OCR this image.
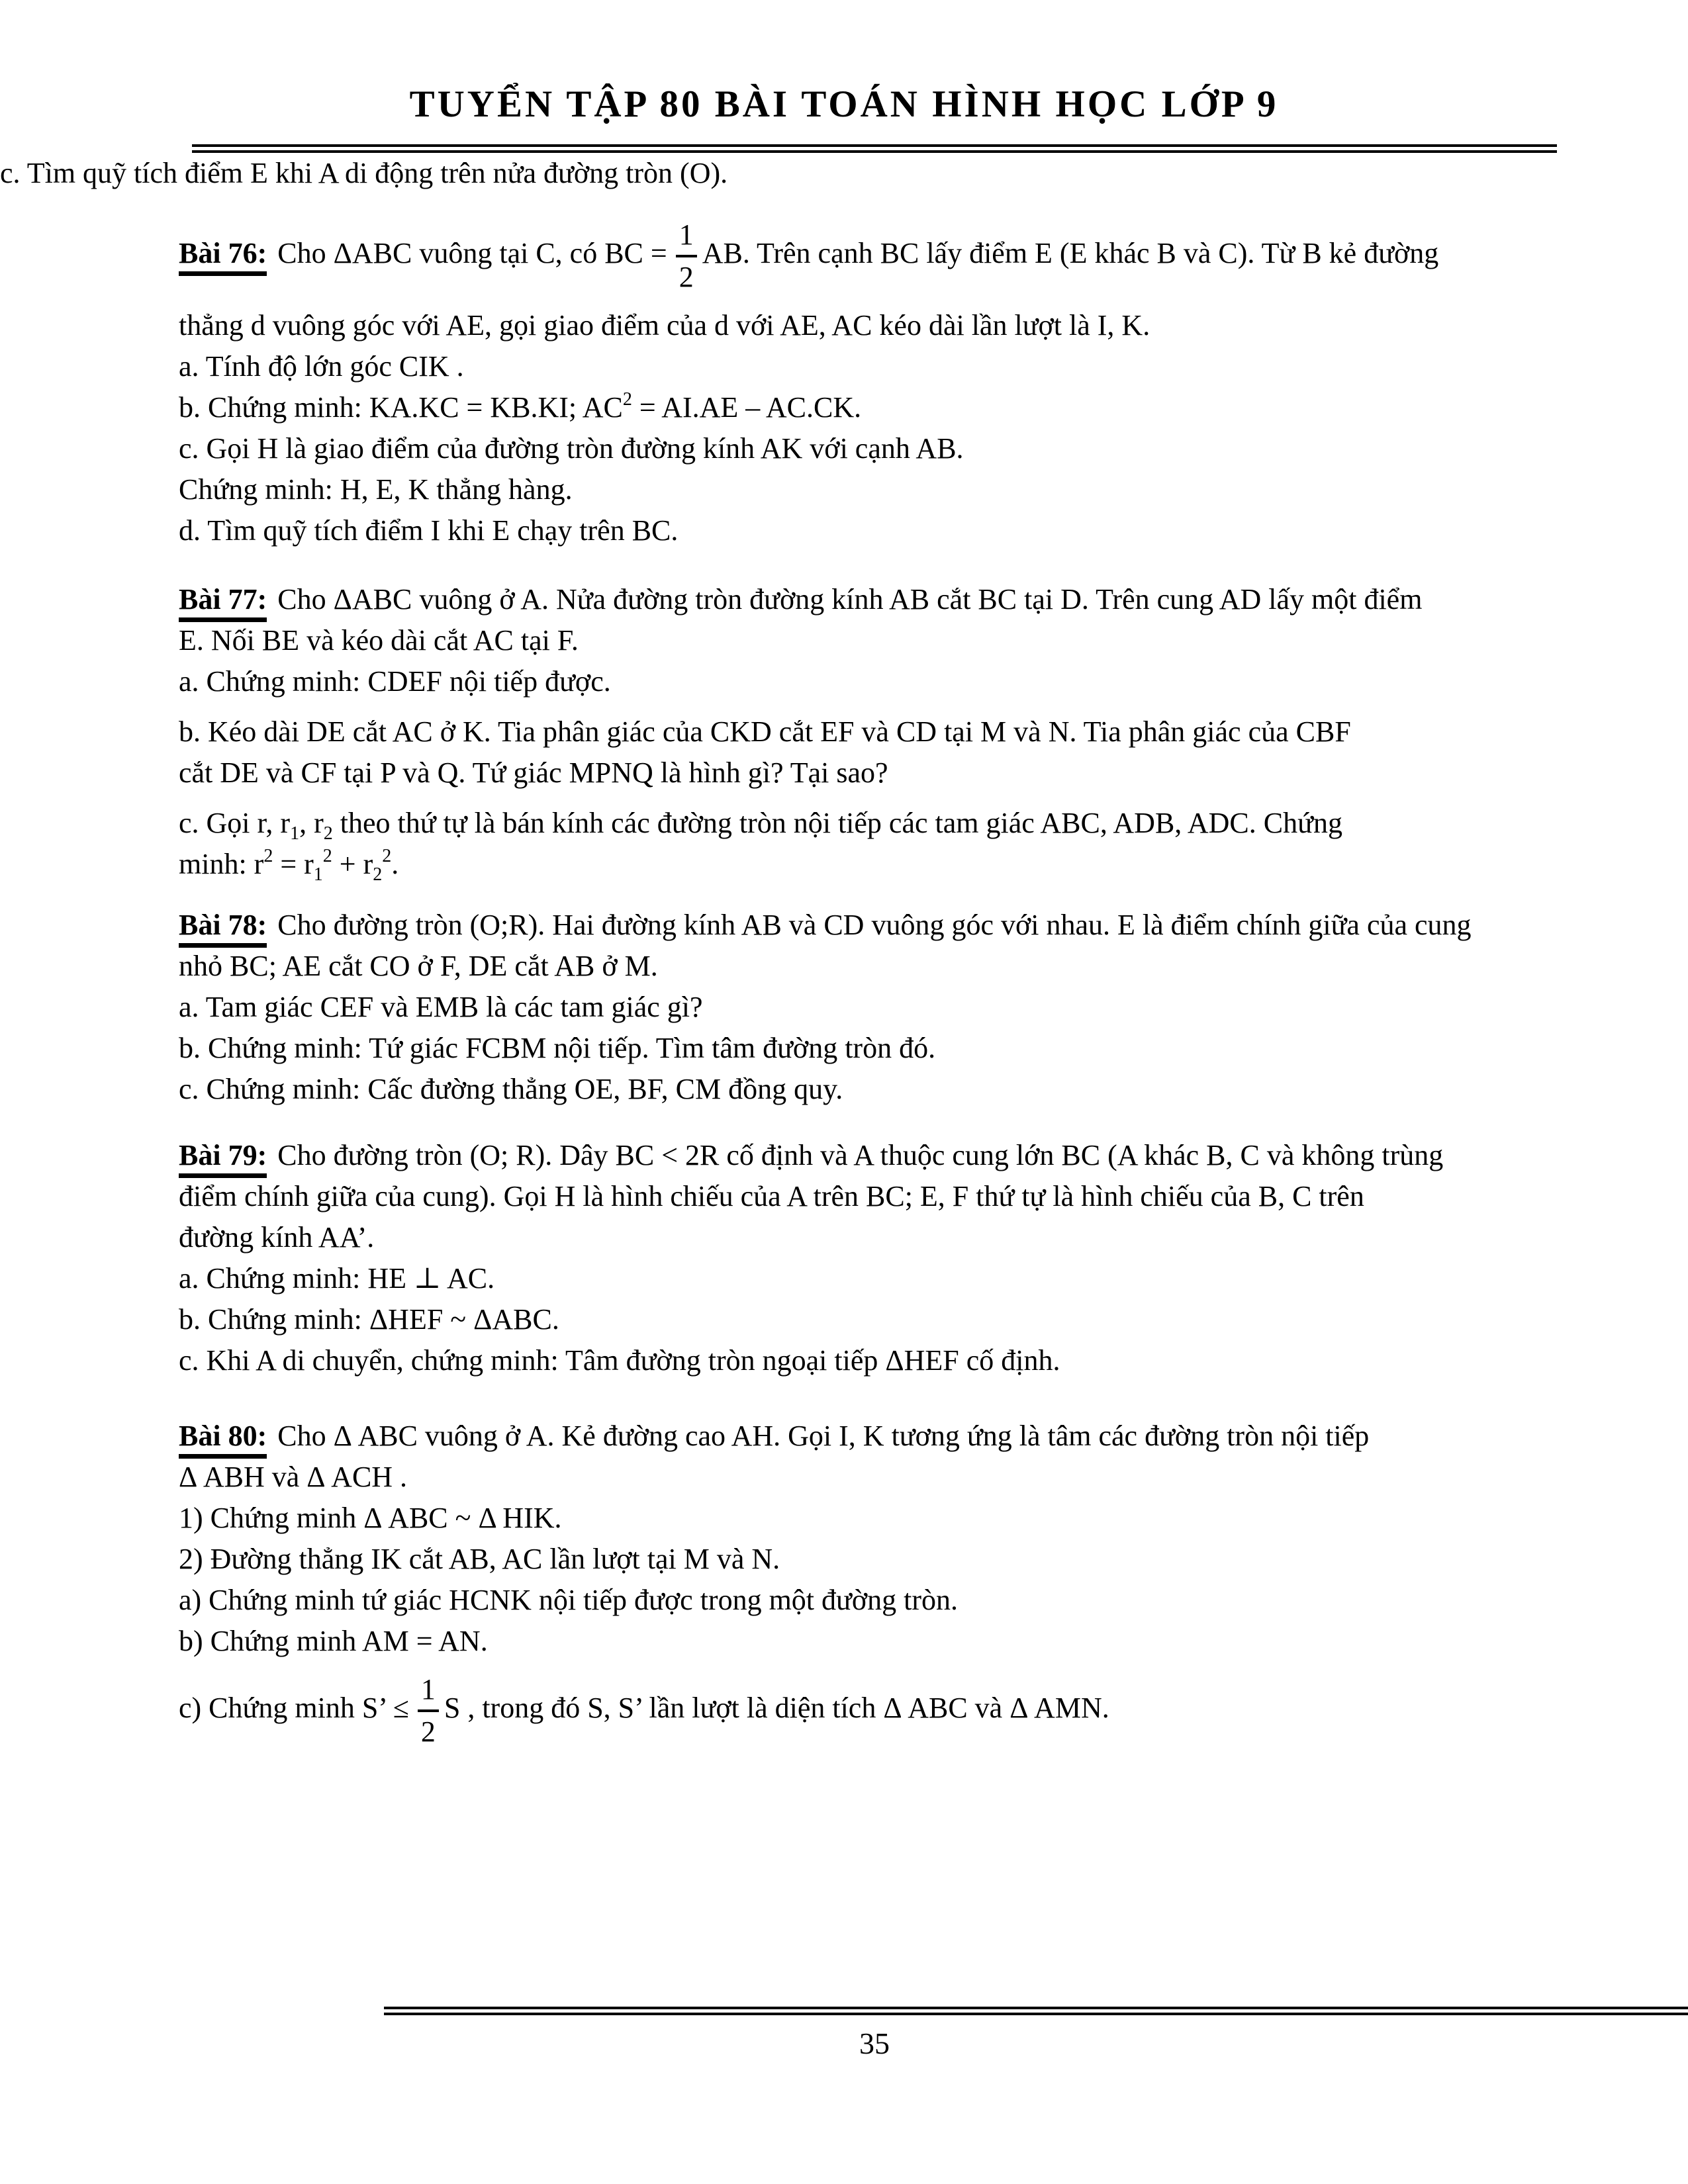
TUYỂN TẬP 80 BÀI TOÁN HÌNH HỌC LỚP 9

c. Tìm quỹ tích điểm E khi A di động trên nửa đường tròn (O).

Bài 76: Cho ΔABC vuông tại C, có BC = $\frac{1}{2}$ AB. Trên cạnh BC lấy điểm E (E khác B và C). Từ B kẻ đường

thẳng d vuông góc với AE, gọi giao điểm của d với AE, AC kéo dài lần lượt là I, K.

a. Tính độ lớn góc CIK .

b. Chứng minh: KA.KC = KB.KI; $AC^2 = AI.AE - AC.CK$.

c. Gọi H là giao điểm của đường tròn đường kính AK với cạnh AB.

Chứng minh: H, E, K thẳng hàng.

d. Tìm quỹ tích điểm I khi E chạy trên BC.

Bài 77: Cho ΔABC vuông ở A. Nửa đường tròn đường kính AB cắt BC tại D. Trên cung AD lấy một điểm

E. Nối BE và kéo dài cắt AC tại F.

a. Chứng minh: CDEF nội tiếp được.

b. Kéo dài DE cắt AC ở K. Tia phân giác của CKD cắt EF và CD tại M và N. Tia phân giác của CBF

cắt DE và CF tại P và Q. Tứ giác MPNQ là hình gì? Tại sao?

c. Gọi r, $r_1$, $r_2$ theo thứ tự là bán kính các đường tròn nội tiếp các tam giác ABC, ADB, ADC. Chứng

minh: $r^2 = r_1^2 + r_2^2$.

Bài 78: Cho đường tròn (O;R). Hai đường kính AB và CD vuông góc với nhau. E là điểm chính giữa của cung

nhỏ BC; AE cắt CO ở F, DE cắt AB ở M.

a. Tam giác CEF và EMB là các tam giác gì?

b. Chứng minh: Tứ giác FCBM nội tiếp. Tìm tâm đường tròn đó.

c. Chứng minh: Cấc đường thẳng OE, BF, CM đồng quy.

Bài 79: Cho đường tròn (O; R). Dây BC < 2R cố định và A thuộc cung lớn BC (A khác B, C và không trùng

điểm chính giữa của cung). Gọi H là hình chiếu của A trên BC; E, F thứ tự là hình chiếu của B, C trên

đường kính AA’.

a. Chứng minh: HE ⊥ AC.

b. Chứng minh: ΔHEF ~ ΔABC.

c. Khi A di chuyển, chứng minh: Tâm đường tròn ngoại tiếp ΔHEF cố định.

Bài 80: Cho Δ ABC vuông ở A. Kẻ đường cao AH. Gọi I, K tương ứng là tâm các đường tròn nội tiếp

Δ ABH và Δ ACH .

1) Chứng minh Δ ABC ~ Δ HIK.

2) Đường thẳng IK cắt AB, AC lần lượt tại M và N.

a) Chứng minh tứ giác HCNK nội tiếp được trong một đường tròn.

b) Chứng minh AM = AN.

c) Chứng minh S’ ≤ $\frac{1}{2}$ S , trong đó S, S’ lần lượt là diện tích Δ ABC và Δ AMN.

35
